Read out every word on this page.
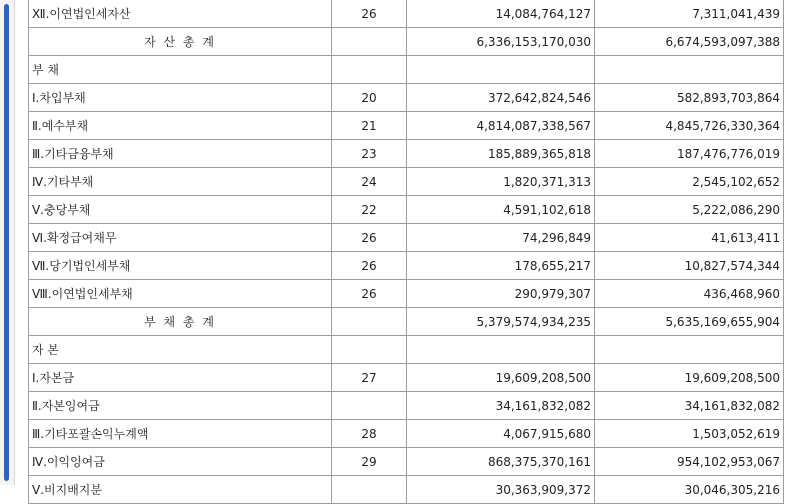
Ⅻ.이연법인세자산	26	14,084,764,127	7,311,041,439
자 산 총 계		6,336,153,170,030	6,674,593,097,388
부 채			
Ⅰ.차입부채	20	372,642,824,546	582,893,703,864
Ⅱ.예수부채	21	4,814,087,338,567	4,845,726,330,364
Ⅲ.기타금융부채	23	185,889,365,818	187,476,776,019
Ⅳ.기타부채	24	1,820,371,313	2,545,102,652
Ⅴ.충당부채	22	4,591,102,618	5,222,086,290
Ⅵ.확정급여채무	26	74,296,849	41,613,411
Ⅶ.당기법인세부채	26	178,655,217	10,827,574,344
Ⅷ.이연법인세부채	26	290,979,307	436,468,960
부 채 총 계		5,379,574,934,235	5,635,169,655,904
자 본			
Ⅰ.자본금	27	19,609,208,500	19,609,208,500
Ⅱ.자본잉여금		34,161,832,082	34,161,832,082
Ⅲ.기타포괄손익누계액	28	4,067,915,680	1,503,052,619
Ⅳ.이익잉여금	29	868,375,370,161	954,102,953,067
Ⅴ.비지배지분		30,363,909,372	30,046,305,216
